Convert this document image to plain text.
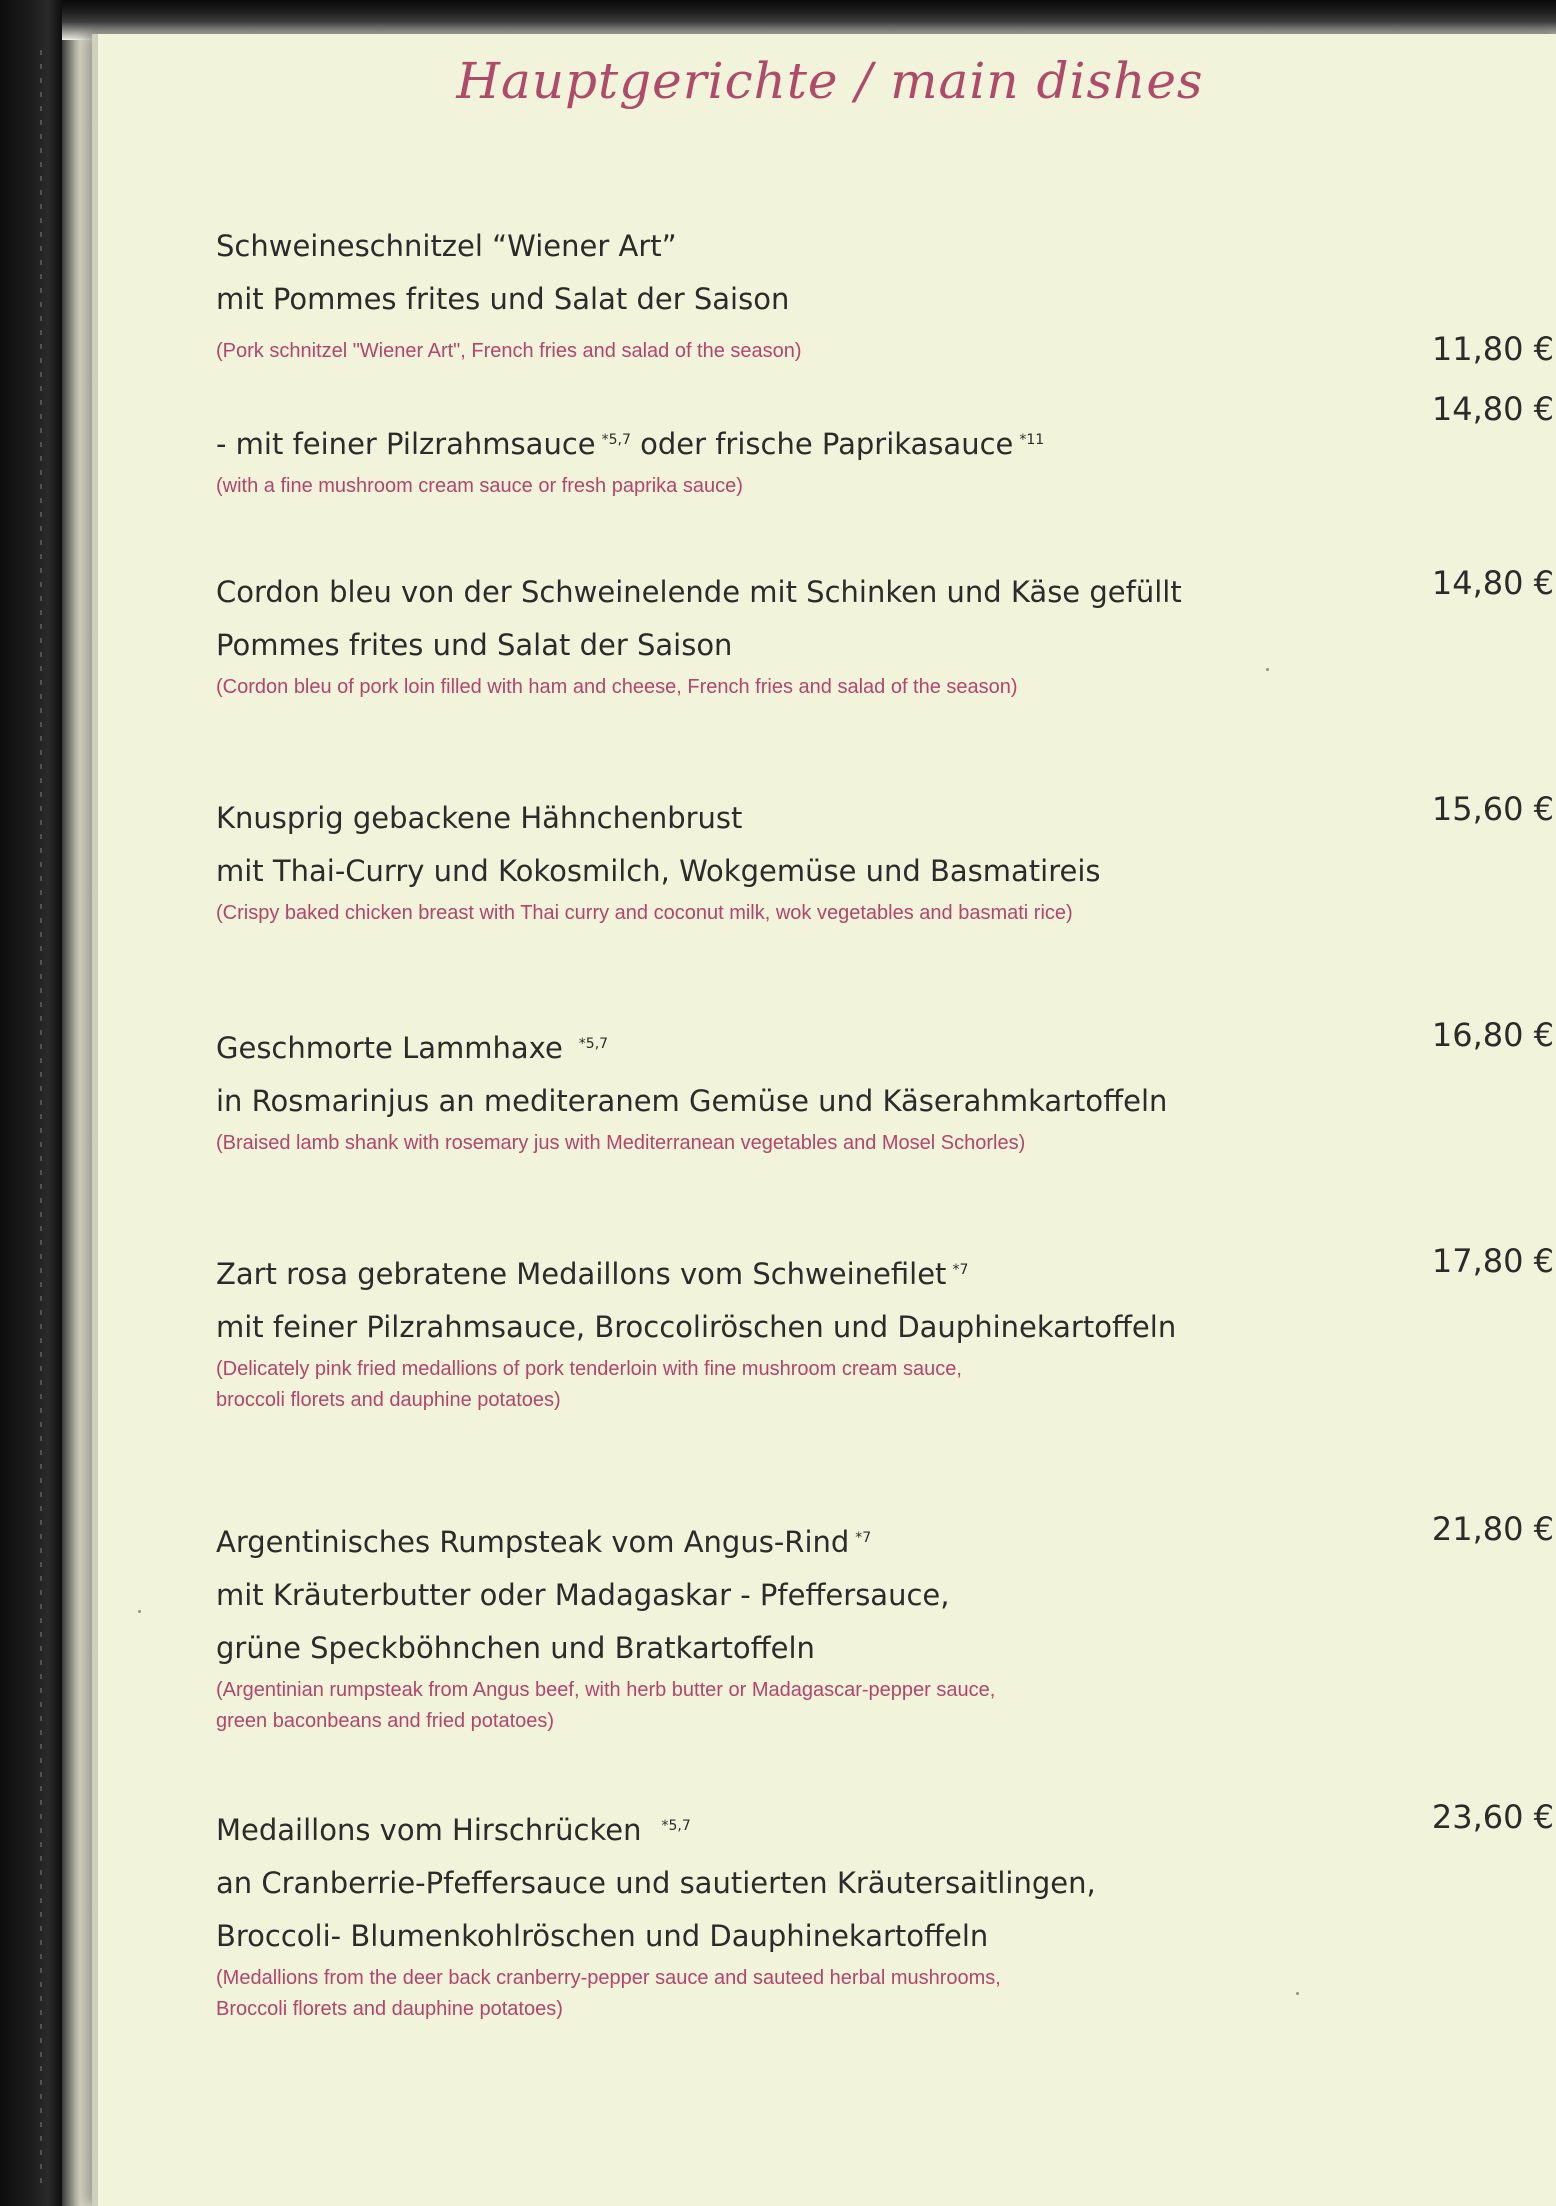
Hauptgerichte / main dishes
Schweineschnitzel “Wiener Art”
mit Pommes frites und Salat der Saison
(Pork schnitzel "Wiener Art", French fries and salad of the season)	11,80 €
- mit feiner Pilzrahmsauce $^{*5,7}$ oder frische Paprikasauce $^{*11}$
(with a fine mushroom cream sauce or fresh paprika sauce)
14,80 €
Cordon bleu von der Schweinelende mit Schinken und Käse gefüllt
Pommes frites und Salat der Saison
(Cordon bleu of pork loin filled with ham and cheese, French fries and salad of the season)
14,80 €
Knusprig gebackene Hähnchenbrust
mit Thai-Curry und Kokosmilch, Wokgemüse und Basmatireis
(Crispy baked chicken breast with Thai curry and coconut milk, wok vegetables and basmati rice)
15,60 €
Geschmorte Lammhaxe $^{*5,7}$
in Rosmarinjus an mediteranem Gemüse und Käserahmkartoffeln
(Braised lamb shank with rosemary jus with Mediterranean vegetables and Mosel Schorles)
16,80 €
Zart rosa gebratene Medaillons vom Schweinefilet $^{*7}$
mit feiner Pilzrahmsauce, Broccoliröschen und Dauphinekartoffeln
(Delicately pink fried medallions of pork tenderloin with fine mushroom cream sauce,
broccoli florets and dauphine potatoes)
17,80 €
Argentinisches Rumpsteak vom Angus-Rind $^{*7}$
mit Kräuterbutter oder Madagaskar - Pfeffersauce,
grüne Speckböhnchen und Bratkartoffeln
(Argentinian rumpsteak from Angus beef, with herb butter or Madagascar-pepper sauce,
green baconbeans and fried potatoes)
21,80 €
Medaillons vom Hirschrücken $^{*5,7}$
an Cranberrie-Pfeffersauce und sautierten Kräutersaitlingen,
Broccoli- Blumenkohlröschen und Dauphinekartoffeln
(Medallions from the deer back cranberry-pepper sauce and sauteed herbal mushrooms,
Broccoli florets and dauphine potatoes)
23,60 €
